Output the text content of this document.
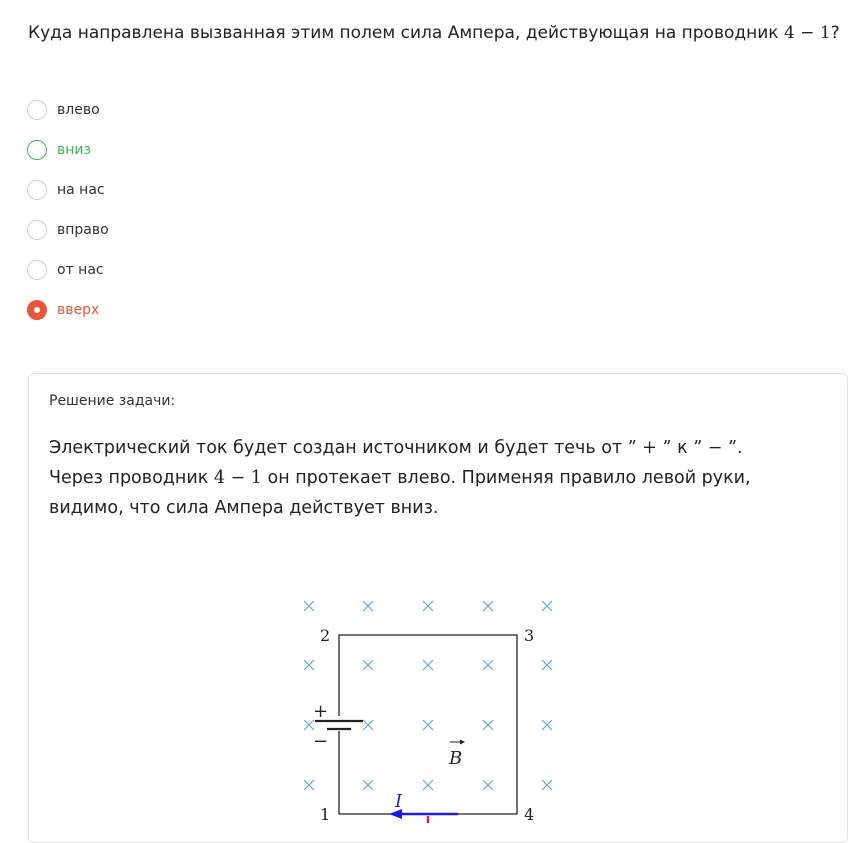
Куда направлена вызванная этим полем сила Ампера, действующая на проводник 4 − 1?
влево
вниз
на нас
вправо
от нас
вверх
Решение задачи:
Электрический ток будет создан источником и будет течь от ” + ” к ” − ”. Через проводник 4 − 1 он протекает влево. Применяя правило левой руки, видимо, что сила Ампера действует вниз.
+
−
2	3
1	4
B
I
